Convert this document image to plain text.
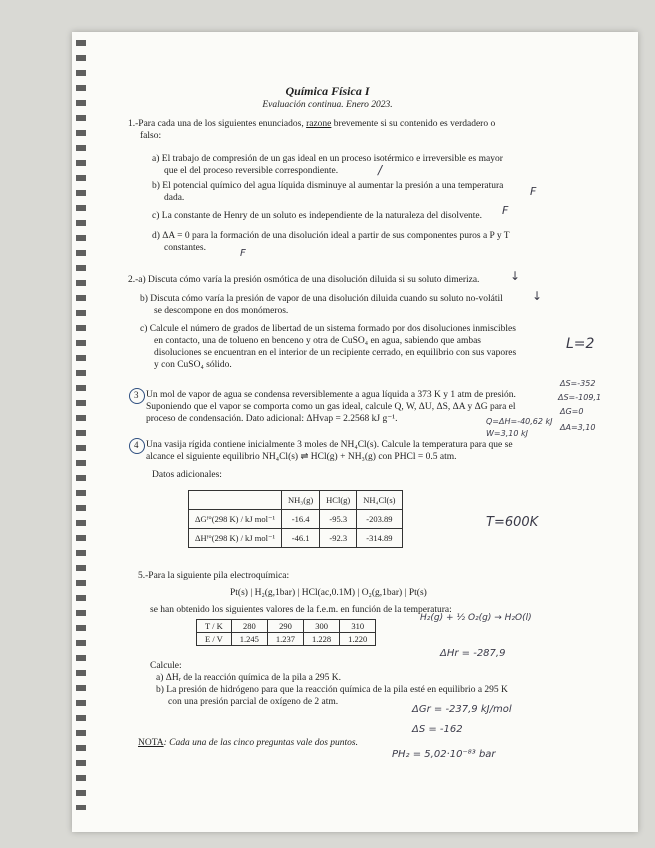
Química Física I
Evaluación continua. Enero 2023.
1.-Para cada una de los siguientes enunciados, razone brevemente si su contenido es verdadero o
falso:
a) El trabajo de compresión de un gas ideal en un proceso isotérmico e irreversible es mayor
que el del proceso reversible correspondiente.	/
b) El potencial químico del agua líquida disminuye al aumentar la presión a una temperatura
dada.	F
c) La constante de Henry de un soluto es independiente de la naturaleza del disolvente. F
d) ΔA = 0 para la formación de una disolución ideal a partir de sus componentes puros a P y T
constantes.	F
2.-a) Discuta cómo varía la presión osmótica de una disolución diluida si su soluto dimeriza.	↓
b) Discuta cómo varía la presión de vapor de una disolución diluida cuando su soluto no-volátil
se descompone en dos monómeros.
↓
c) Calcule el número de grados de libertad de un sistema formado por dos disoluciones inmiscibles
en contacto, una de tolueno en benceno y otra de CuSO₄ en agua, sabiendo que ambas
disoluciones se encuentran en el interior de un recipiente cerrado, en equilibrio con sus vapores
y con CuSO₄ sólido.
L=2
3 Un mol de vapor de agua se condensa reversiblemente a agua líquida a 373 K y 1 atm de presión.
Suponiendo que el vapor se comporta como un gas ideal, calcule Q, W, ΔU, ΔS, ΔA y ΔG para el
proceso de condensación. Dato adicional: ΔHvap = 2.2568 kJ g⁻¹.
ΔS=-352
ΔS=-109,1
ΔG=0
Q=ΔH=-40,62 kJ
W=3,10 kJ
ΔA=3,10
4 Una vasija rígida contiene inicialmente 3 moles de NH₄Cl(s). Calcule la temperatura para que se
alcance el siguiente equilibrio NH₄Cl(s) ⇌ HCl(g) + NH₃(g) con PHCl = 0.5 atm.
Datos adicionales:
	NH₃(g)	HCl(g)	NH₄Cl(s)
ΔGᶠ°(298 K) / kJ mol⁻¹	-16.4	-95.3	-203.89
ΔHᶠ°(298 K) / kJ mol⁻¹	-46.1	-92.3	-314.89
T=600K
5.-Para la siguiente pila electroquímica:
Pt(s) | H₂(g,1bar) | HCl(ac,0.1M) | O₂(g,1bar) | Pt(s)
se han obtenido los siguientes valores de la f.e.m. en función de la temperatura:
T / K	280	290	300	310
E / V	1.245	1.237	1.228	1.220
H₂(g) + ½ O₂(g) → H₂O(l)
ΔHr = -287,9
Calcule:
a) ΔHᵣ de la reacción química de la pila a 295 K.
b) La presión de hidrógeno para que la reacción química de la pila esté en equilibrio a 295 K
con una presión parcial de oxígeno de 2 atm.
ΔGr = -237,9 kJ/mol
ΔS = -162
PH₂ = 5,02·10⁻⁸³ bar
NOTA: Cada una de las cinco preguntas vale dos puntos.
